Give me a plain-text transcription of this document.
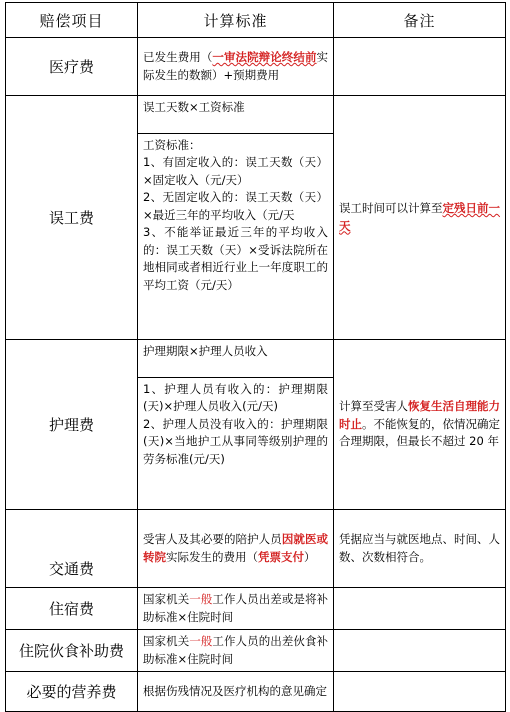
赔偿项目	计算标准	备注
医疗费	已发生费用（一审法院辩论终结前实际发生的数额）+预期费用	

误工费	误工天数×工资标准
工资标准：
1、有固定收入的：误工天数（天）×固定收入（元/天）
2、无固定收入的：误工天数（天）×最近三年的平均收入（元/天
3、不能举证最近三年的平均收入的：误工天数（天）×受诉法院所在地相同或者相近行业上一年度职工的平均工资（元/天）	误工时间可以计算至定残日前一天

护理费	护理期限×护理人员收入
1、护理人员有收入的：护理期限(天)×护理人员收入(元/天)
2、护理人员没有收入的：护理期限(天)×当地护工从事同等级别护理的劳务标准(元/天)	计算至受害人恢复生活自理能力时止。不能恢复的，依情况确定合理期限，但最长不超过 20 年

交通费	受害人及其必要的陪护人员因就医或转院实际发生的费用（凭票支付）	凭据应当与就医地点、时间、人数、次数相符合。

住宿费	国家机关一般工作人员出差或是将补助标准×住院时间	

住院伙食补助费	国家机关一般工作人员的出差伙食补助标准×住院时间	

必要的营养费	根据伤残情况及医疗机构的意见确定	
